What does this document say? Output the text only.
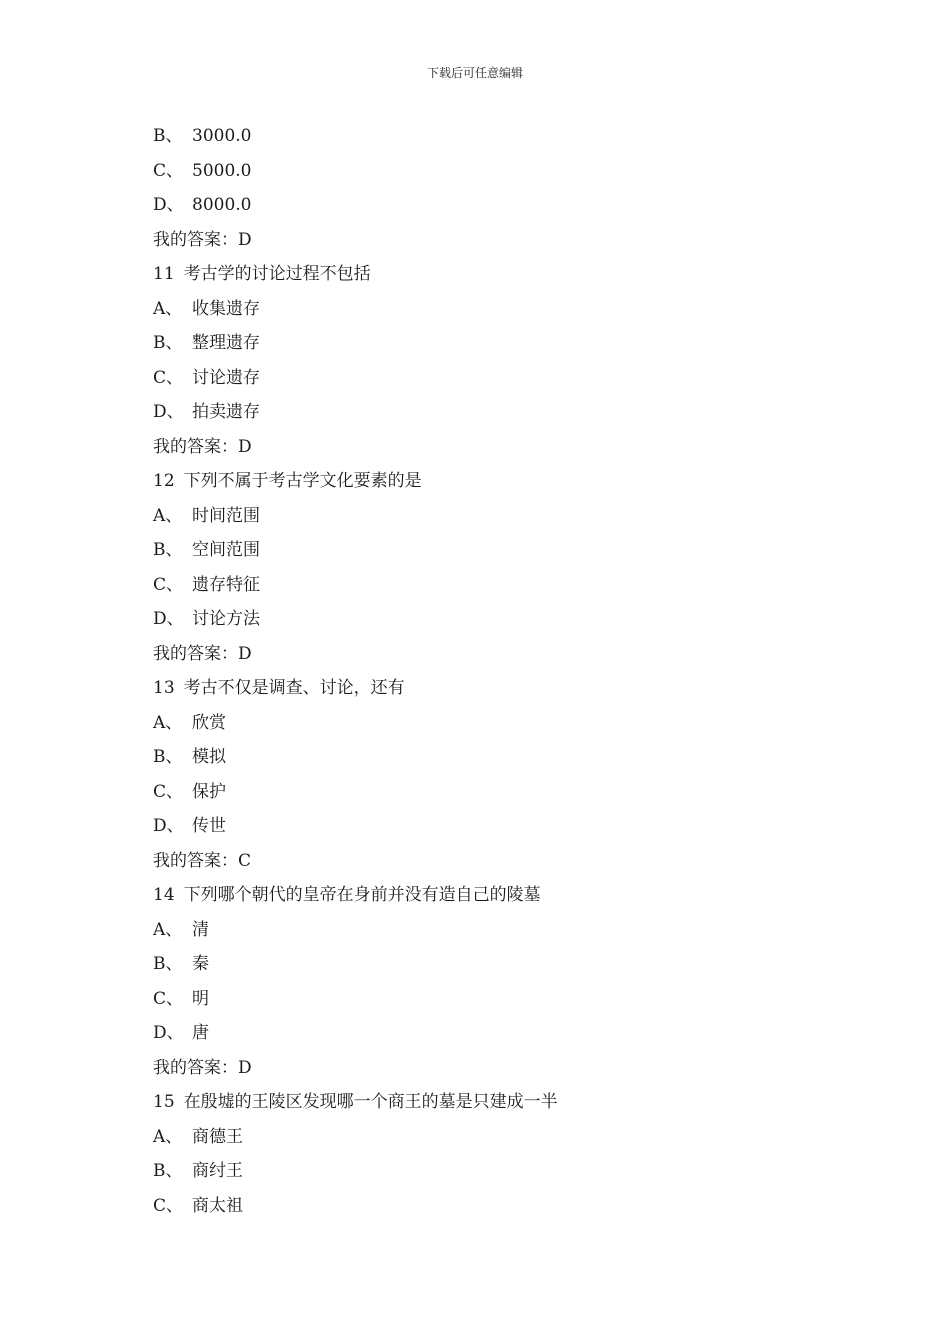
下载后可任意编辑
B、 3000.0
C、 5000.0
D、 8000.0
我的答案：D
11 考古学的讨论过程不包括
A、 收集遗存
B、 整理遗存
C、 讨论遗存
D、 拍卖遗存
我的答案：D
12 下列不属于考古学文化要素的是
A、 时间范围
B、 空间范围
C、 遗存特征
D、 讨论方法
我的答案：D
13 考古不仅是调查、讨论，还有
A、 欣赏
B、 模拟
C、 保护
D、 传世
我的答案：C
14 下列哪个朝代的皇帝在身前并没有造自己的陵墓
A、 清
B、 秦
C、 明
D、 唐
我的答案：D
15 在殷墟的王陵区发现哪一个商王的墓是只建成一半
A、 商德王
B、 商纣王
C、 商太祖
